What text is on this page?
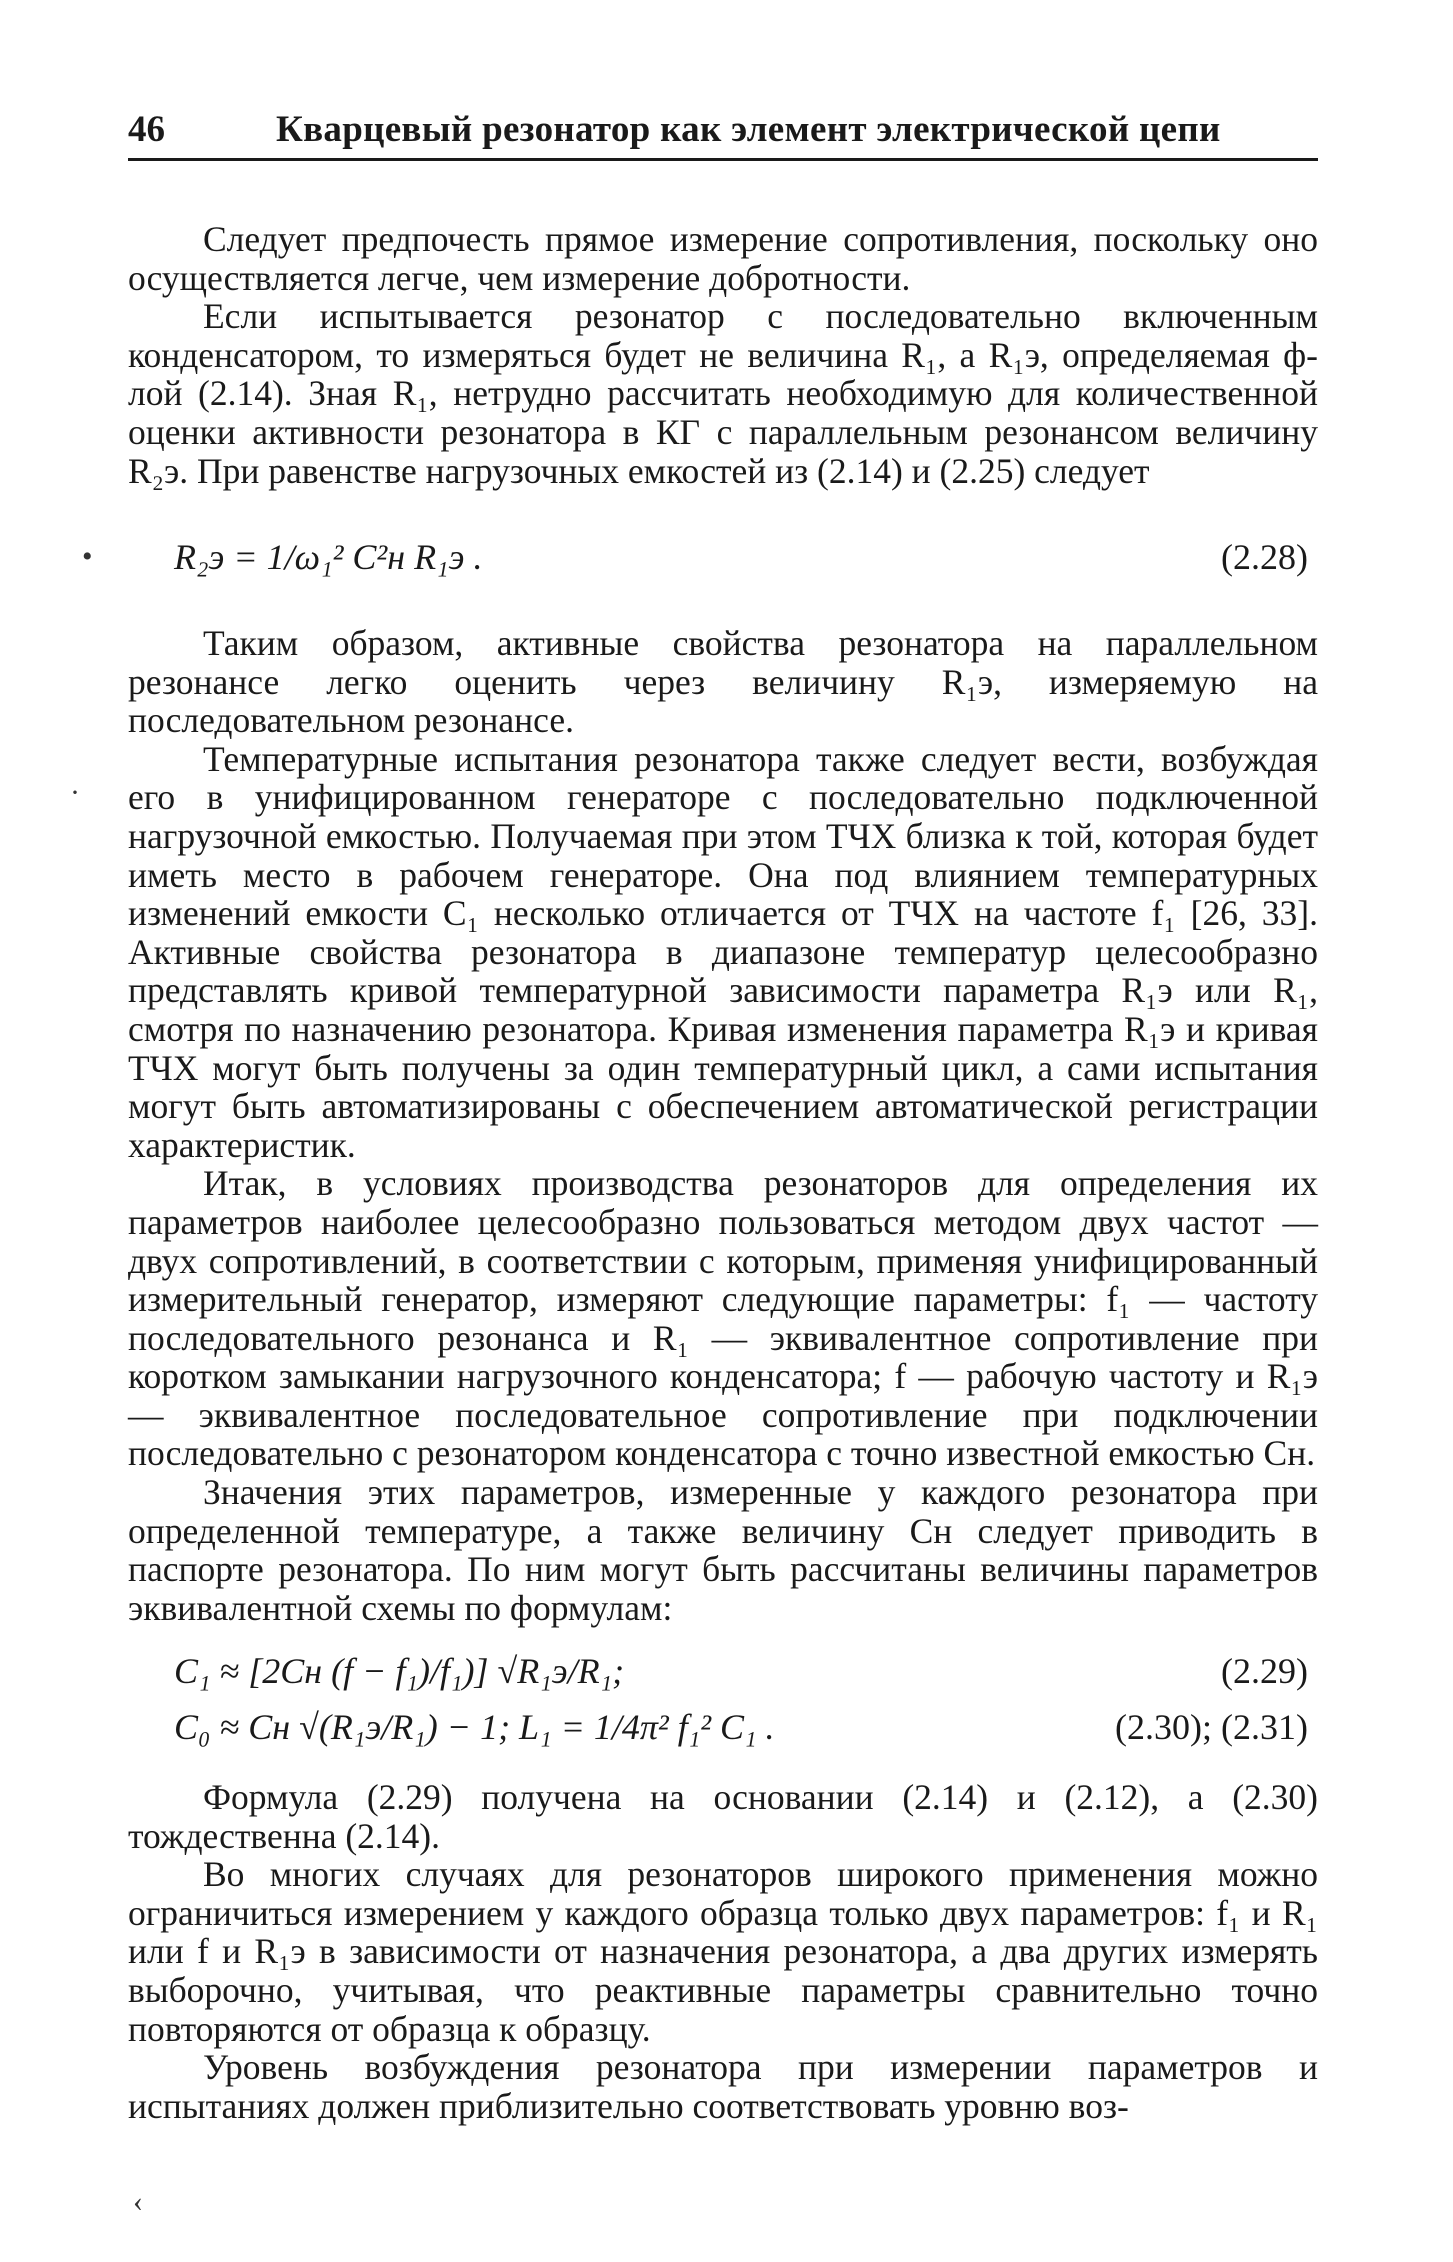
46	Кварцевый резонатор как элемент электрической цепи

Следует предпочесть прямое измерение сопротивления, поскольку оно осуществляется легче, чем измерение добротности.

Если испытывается резонатор с последовательно включенным конденсатором, то измеряться будет не величина R₁, а R₁э, определяемая ф-лой (2.14). Зная R₁, нетрудно рассчитать необходимую для количественной оценки активности резонатора в КГ с параллельным резонансом величину R₂э. При равенстве нагрузочных емкостей из (2.14) и (2.25) следует

• R₂э = 1/ω₁² C²н R₁э .	(2.28)

Таким образом, активные свойства резонатора на параллельном резонансе легко оценить через величину R₁э, измеряемую на последовательном резонансе.

Температурные испытания резонатора также следует вести, возбуждая его в унифицированном генераторе с последовательно подключенной нагрузочной емкостью. Получаемая при этом ТЧХ близка к той, которая будет иметь место в рабочем генераторе. Она под влиянием температурных изменений емкости C₁ несколько отличается от ТЧХ на частоте f₁ [26, 33]. Активные свойства резонатора в диапазоне температур целесообразно представлять кривой температурной зависимости параметра R₁э или R₁, смотря по назначению резонатора. Кривая изменения параметра R₁э и кривая ТЧХ могут быть получены за один температурный цикл, а сами испытания могут быть автоматизированы с обеспечением автоматической регистрации характеристик.

Итак, в условиях производства резонаторов для определения их параметров наиболее целесообразно пользоваться методом двух частот — двух сопротивлений, в соответствии с которым, применяя унифицированный измерительный генератор, измеряют следующие параметры: f₁ — частоту последовательного резонанса и R₁ — эквивалентное сопротивление при коротком замыкании нагрузочного конденсатора; f — рабочую частоту и R₁э — эквивалентное последовательное сопротивление при подключении последовательно с резонатором конденсатора с точно известной емкостью Cн.

Значения этих параметров, измеренные у каждого резонатора при определенной температуре, а также величину Cн следует приводить в паспорте резонатора. По ним могут быть рассчитаны величины параметров эквивалентной схемы по формулам:

·
C₁ ≈ [2Cн (f − f₁)/f₁)] √R₁э/R₁;	(2.29)
C₀ ≈ Cн √(R₁э/R₁) − 1; L₁ = 1/4π² f₁² C₁ .	(2.30); (2.31)

Формула (2.29) получена на основании (2.14) и (2.12), а (2.30) тождественна (2.14).

Во многих случаях для резонаторов широкого применения можно ограничиться измерением у каждого образца только двух параметров: f₁ и R₁ или f и R₁э в зависимости от назначения резонатора, а два других измерять выборочно, учитывая, что реактивные параметры сравнительно точно повторяются от образца к образцу.

Уровень возбуждения резонатора при измерении параметров и испытаниях должен приблизительно соответствовать уровню воз-

‹
